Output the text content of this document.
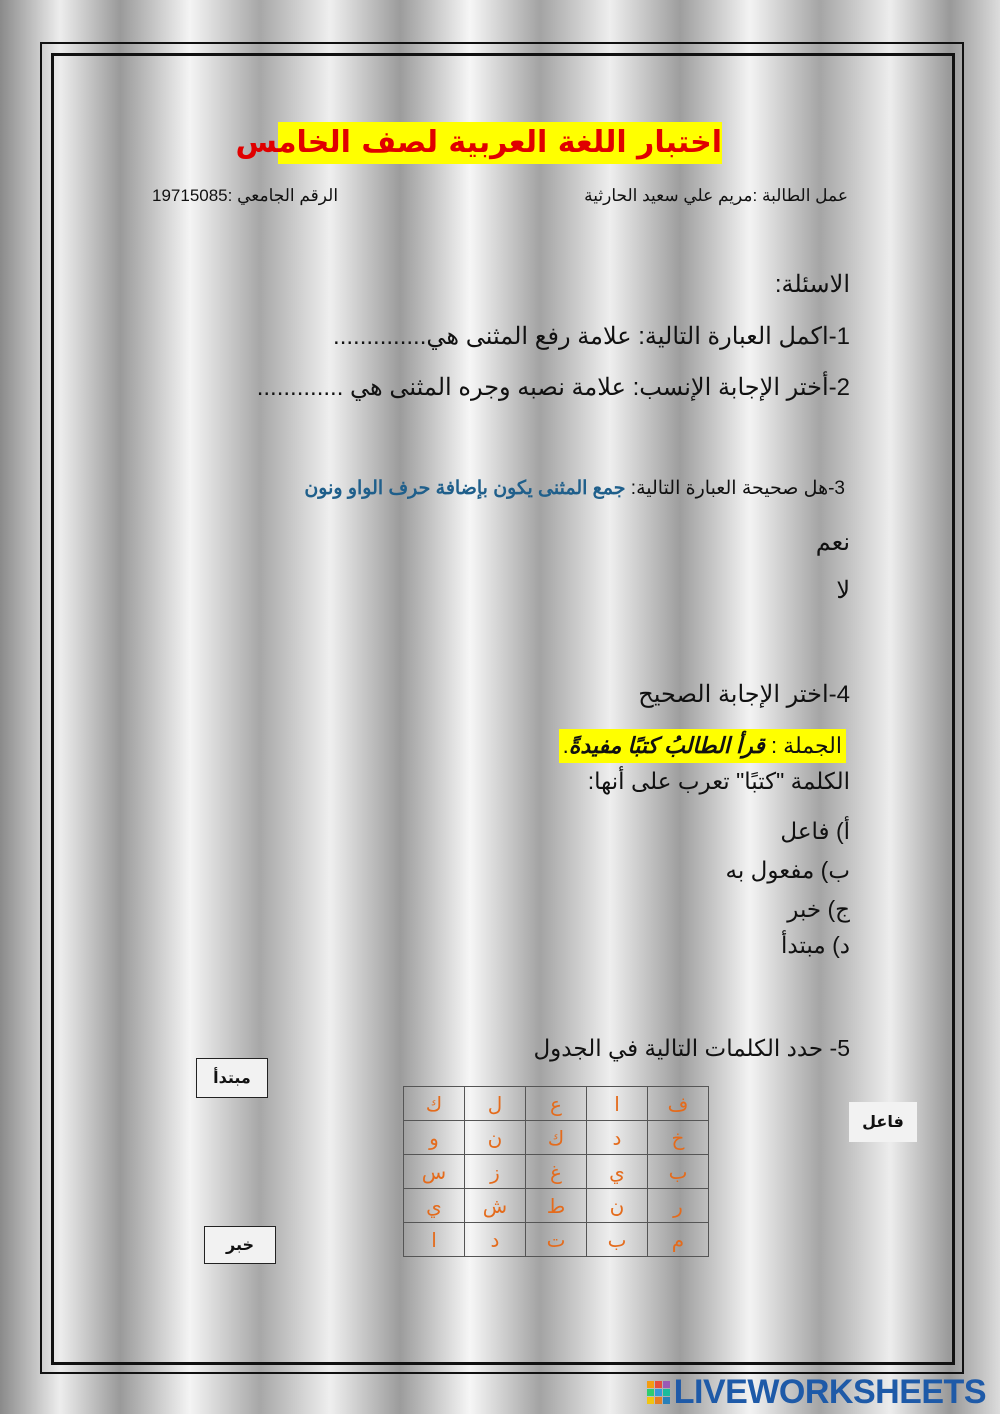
اختبار اللغة العربية لصف الخامس
عمل الطالبة :مريم علي سعيد الحارثية
الرقم الجامعي :19715085
الاسئلة:
1-اكمل العبارة التالية: علامة رفع المثنى هي..............
2-أختر الإجابة الإنسب: علامة نصبه وجره المثنى هي .............
3-هل صحيحة العبارة التالية: جمع المثنى يكون بإضافة حرف الواو ونون
نعم
لا
4-اختر الإجابة الصحيح
الجملة : قرأ الطالبُ كتبًا مفيدةً.
الكلمة "كتبًا" تعرب على أنها:
أ) فاعل
ب) مفعول به
ج) خبر
د) مبتدأ
5- حدد الكلمات التالية في الجدول
مبتدأ
فاعل
خبر
ف	ا	ع	ل	ك
خ	د	ك	ن	و
ب	ي	غ	ز	س
ر	ن	ط	ش	ي
م	ب	ت	د	ا
LIVEWORKSHEETS
